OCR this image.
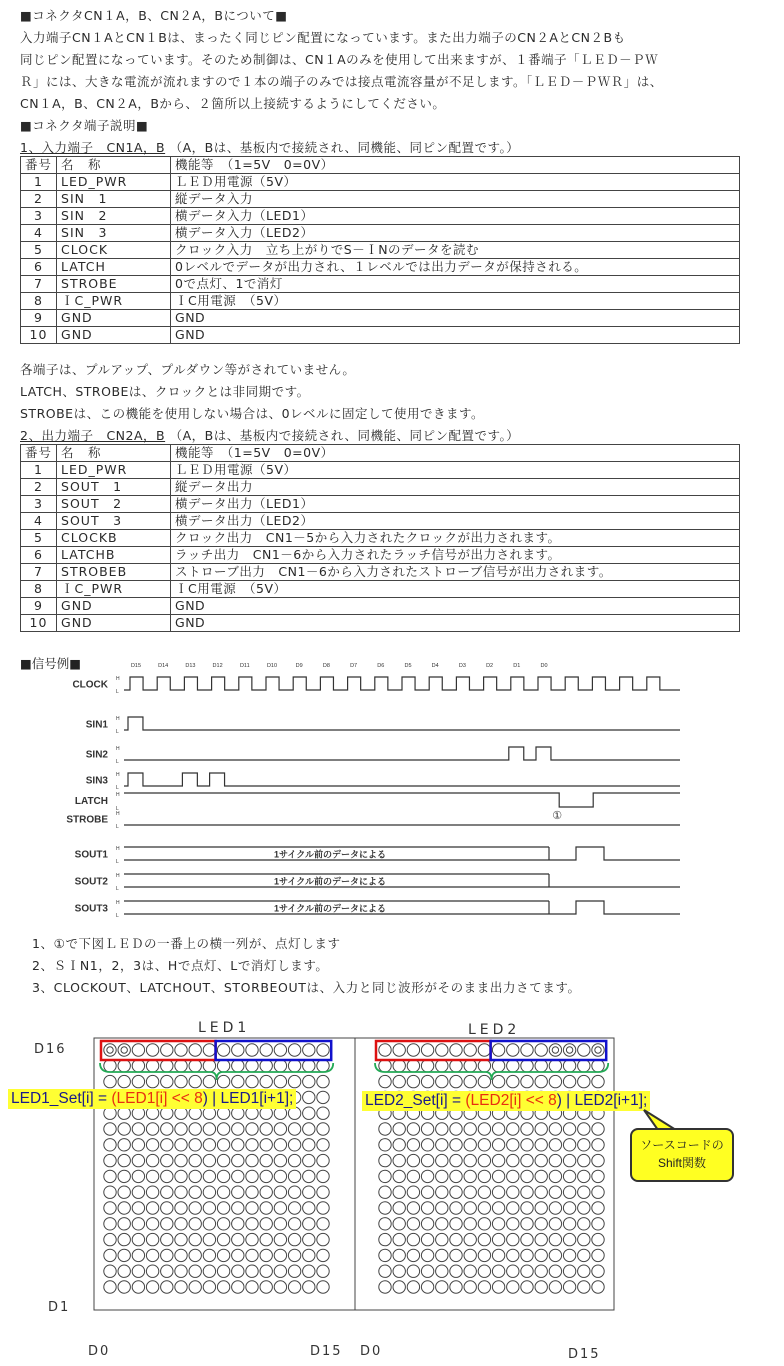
■コネクタCN１A，B、CN２A，Bについて■
入力端子CN１AとCN１Bは、まったく同じピン配置になっています。また出力端子のCN２AとCN２Bも
同じピン配置になっています。そのため制御は、CN１Aのみを使用して出来ますが、１番端子「ＬＥＤ－ＰＷ
Ｒ」には、大きな電流が流れますので１本の端子のみでは接点電流容量が不足します。「ＬＥＤ－ＰＷＲ」は、
CN１A，B、CN２A，Bから、２箇所以上接続するようにしてください。
■コネクタ端子説明■
1、入力端子　CN1A，B （A，Bは、基板内で接続され、同機能、同ピン配置です。）
番号	名　称	機能等　（1=5V　0=0V）
1	LED_PWR	ＬＥＤ用電源（5V）
2	SIN　1	縦データ入力
3	SIN　2	横データ入力（LED1）
4	SIN　3	横データ入力（LED2）
5	CLOCK	クロック入力　立ち上がりでS－ＩNのデータを読む
6	LATCH	0レベルでデータが出力され、１レベルでは出力データが保持される。
7	STROBE	0で点灯、1で消灯
8	ＩC_PWR	ＩC用電源　（5V）
9	GND	GND
10	GND	GND
各端子は、プルアップ、プルダウン等がされていません。
LATCH、STROBEは、クロックとは非同期です。
STROBEは、この機能を使用しない場合は、0レベルに固定して使用できます。
2、出力端子　CN2A，B （A，Bは、基板内で接続され、同機能、同ピン配置です。）
番号	名　称	機能等　（1=5V　0=0V）
1	LED_PWR	ＬＥＤ用電源（5V）
2	SOUT　1	縦データ出力
3	SOUT　2	横データ出力（LED1）
4	SOUT　3	横データ出力（LED2）
5	CLOCKB	クロック出力　CN1－5から入力されたクロックが出力されます。
6	LATCHB	ラッチ出力　CN1－6から入力されたラッチ信号が出力されます。
7	STROBEB	ストローブ出力　CN1－6から入力されたストローブ信号が出力されます。
8	ＩC_PWR	ＩC用電源　（5V）
9	GND	GND
10	GND	GND
■信号例■
CLOCK
H
L
SIN1
H
L
SIN2
H
L
SIN3
H
L
LATCH
H
L
STROBE
H
L
SOUT1
H
L
SOUT2
H
L
SOUT3
H
L
D15	D14	D13	D12	D11	D10	D9	D8	D7	D6	D5	D4	D3	D2	D1	D0
①
1サイクル前のデータによる
1サイクル前のデータによる
1サイクル前のデータによる
1、①で下図ＬＥＤの一番上の横一列が、点灯します
2、ＳＩN1，2，3は、Hで点灯、Lで消灯します。
3、CLOCKOUT、LATCHOUT、STORBEOUTは、入力と同じ波形がそのまま出力さてます。
LED1	LED2
D16
D1
D0	D15 D0	D15
LED1_Set[i] = (LED1[i] << 8) | LED1[i+1];	LED2_Set[i] = (LED2[i] << 8) | LED2[i+1];
ソースコードの
Shift関数
